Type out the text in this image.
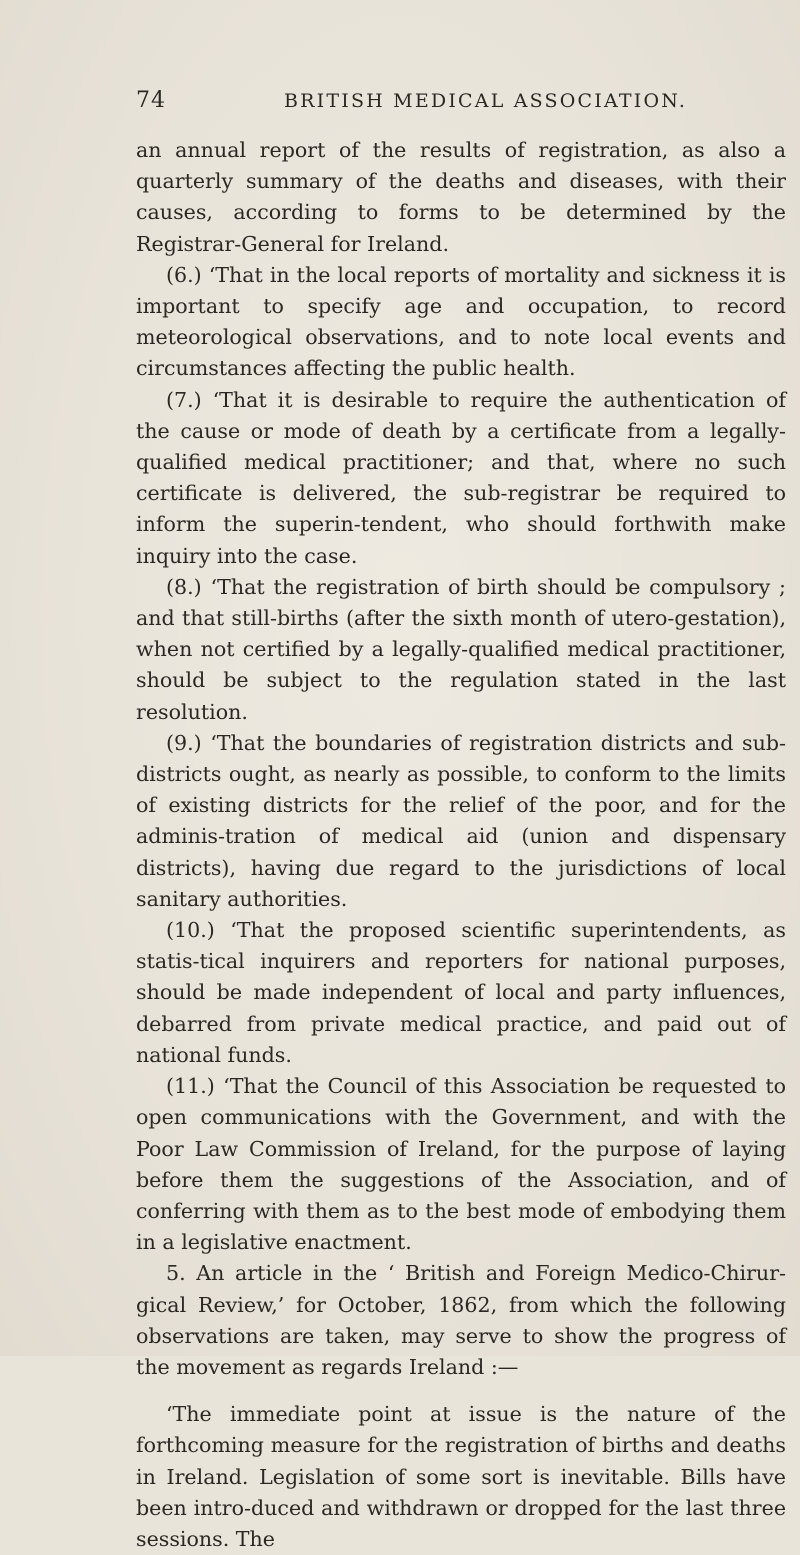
74	BRITISH MEDICAL ASSOCIATION.

an annual report of the results of registration, as also a quarterly summary of the deaths and diseases, with their causes, according to forms to be determined by the Registrar-General for Ireland.

(6.) ‘That in the local reports of mortality and sickness it is important to specify age and occupation, to record meteorological observations, and to note local events and circumstances affecting the public health.

(7.) ‘That it is desirable to require the authentication of the cause or mode of death by a certificate from a legally-qualified medical practitioner; and that, where no such certificate is delivered, the sub-registrar be required to inform the superin-tendent, who should forthwith make inquiry into the case.

(8.) ‘That the registration of birth should be compulsory ; and that still-births (after the sixth month of utero-gestation), when not certified by a legally-qualified medical practitioner, should be subject to the regulation stated in the last resolution.

(9.) ‘That the boundaries of registration districts and sub-districts ought, as nearly as possible, to conform to the limits of existing districts for the relief of the poor, and for the adminis-tration of medical aid (union and dispensary districts), having due regard to the jurisdictions of local sanitary authorities.

(10.) ‘That the proposed scientific superintendents, as statis-tical inquirers and reporters for national purposes, should be made independent of local and party influences, debarred from private medical practice, and paid out of national funds.

(11.) ‘That the Council of this Association be requested to open communications with the Government, and with the Poor Law Commission of Ireland, for the purpose of laying before them the suggestions of the Association, and of conferring with them as to the best mode of embodying them in a legislative enactment.

5. An article in the ‘ British and Foreign Medico-Chirur-gical Review,’ for October, 1862, from which the following observations are taken, may serve to show the progress of the movement as regards Ireland :—

‘The immediate point at issue is the nature of the forthcoming measure for the registration of births and deaths in Ireland. Legislation of some sort is inevitable. Bills have been intro-duced and withdrawn or dropped for the last three sessions. The
